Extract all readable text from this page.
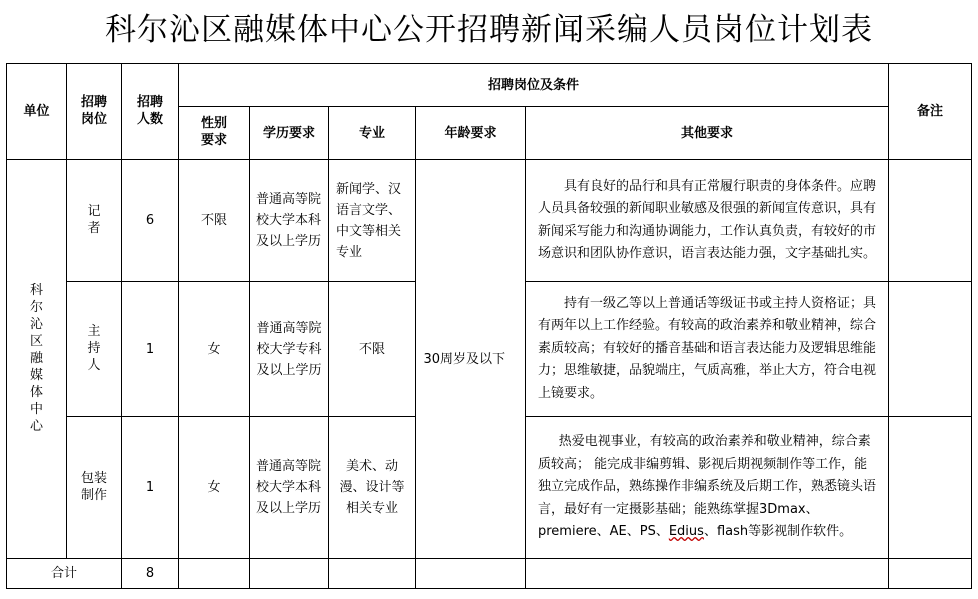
科尔沁区融媒体中心公开招聘新闻采编人员岗位计划表
单位	招聘岗位	招聘人数	招聘岗位及条件					备注
			性别要求	学历要求	专业	年龄要求	其他要求	
科尔沁区融媒体中心	记者	6	不限	普通高等院校大学本科及以上学历	新闻学、汉语言文学、中文等相关专业	30周岁及以下	具有良好的品行和具有正常履行职责的身体条件。应聘人员具备较强的新闻职业敏感及很强的新闻宣传意识，具有新闻采写能力和沟通协调能力，工作认真负责，有较好的市场意识和团队协作意识，语言表达能力强，文字基础扎实。	

	主持人	1	女	普通高等院校大学专科及以上学历	不限		持有一级乙等以上普通话等级证书或主持人资格证；具有两年以上工作经验。有较高的政治素养和敬业精神，综合素质较高；有较好的播音基础和语言表达能力及逻辑思维能力；思维敏捷，品貌端庄，气质高雅，举止大方，符合电视上镜要求。	

	包装制作	1	女	普通高等院校大学本科及以上学历	美术、动漫、设计等相关专业		热爱电视事业，有较高的政治素养和敬业精神，综合素质较高； 能完成非编剪辑、影视后期视频制作等工作，能独立完成作品，熟练操作非编系统及后期工作，熟悉镜头语言，最好有一定摄影基础；能熟练掌握3Dmax、premiere、AE、PS、Edius、flash等影视制作软件。	

合计		8						
